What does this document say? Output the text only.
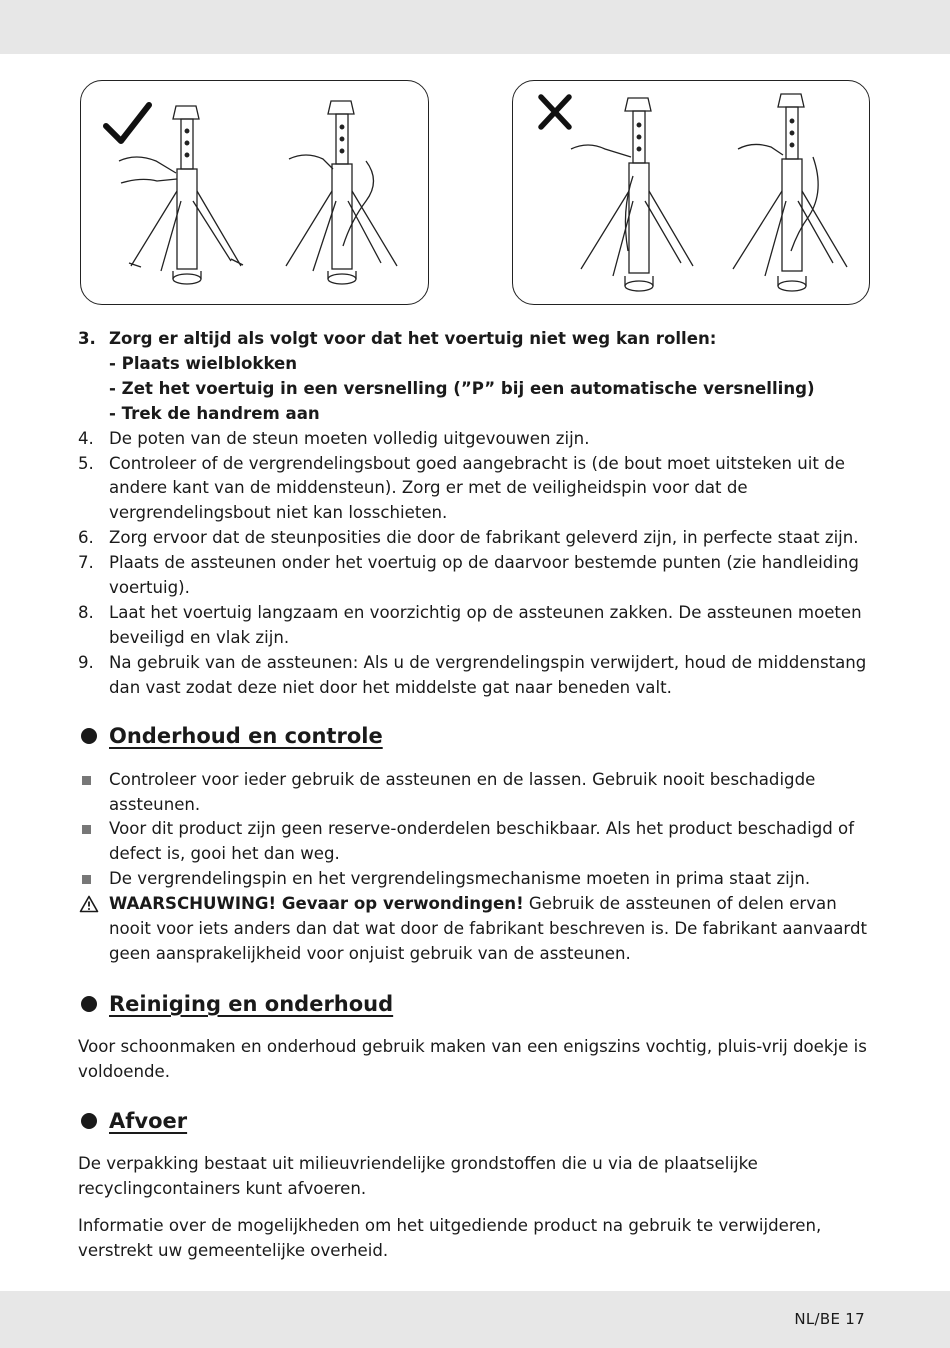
3. Zorg er altijd als volgt voor dat het voertuig niet weg kan rollen:
- Plaats wielblokken
- Zet het voertuig in een versnelling (”P” bij een automatische versnelling)
- Trek de handrem aan
4. De poten van de steun moeten volledig uitgevouwen zijn.
5. Controleer of de vergrendelingsbout goed aangebracht is (de bout moet uitsteken uit de andere kant van de middensteun). Zorg er met de veiligheidspin voor dat de vergrendelingsbout niet kan losschieten.
6. Zorg ervoor dat de steunposities die door de fabrikant geleverd zijn, in perfecte staat zijn.
7. Plaats de assteunen onder het voertuig op de daarvoor bestemde punten (zie handleiding voertuig).
8. Laat het voertuig langzaam en voorzichtig op de assteunen zakken. De assteunen moeten beveiligd en vlak zijn.
9. Na gebruik van de assteunen: Als u de vergrendelingspin verwijdert, houd de middenstang dan vast zodat deze niet door het middelste gat naar beneden valt.
Onderhoud en controle
Controleer voor ieder gebruik de assteunen en de lassen. Gebruik nooit beschadigde assteunen.
Voor dit product zijn geen reserve-onderdelen beschikbaar. Als het product beschadigd of defect is, gooi het dan weg.
De vergrendelingspin en het vergrendelingsmechanisme moeten in prima staat zijn.
WAARSCHUWING! Gevaar op verwondingen! Gebruik de assteunen of delen ervan nooit voor iets anders dan dat wat door de fabrikant beschreven is. De fabrikant aanvaardt geen aansprakelijkheid voor onjuist gebruik van de assteunen.
Reiniging en onderhoud
Voor schoonmaken en onderhoud gebruik maken van een enigszins vochtig, pluis-vrij doekje is voldoende.
Afvoer
De verpakking bestaat uit milieuvriendelijke grondstoffen die u via de plaatselijke recyclingcontainers kunt afvoeren.
Informatie over de mogelijkheden om het uitgediende product na gebruik te verwijderen, verstrekt uw gemeentelijke overheid.
NL/BE 17
